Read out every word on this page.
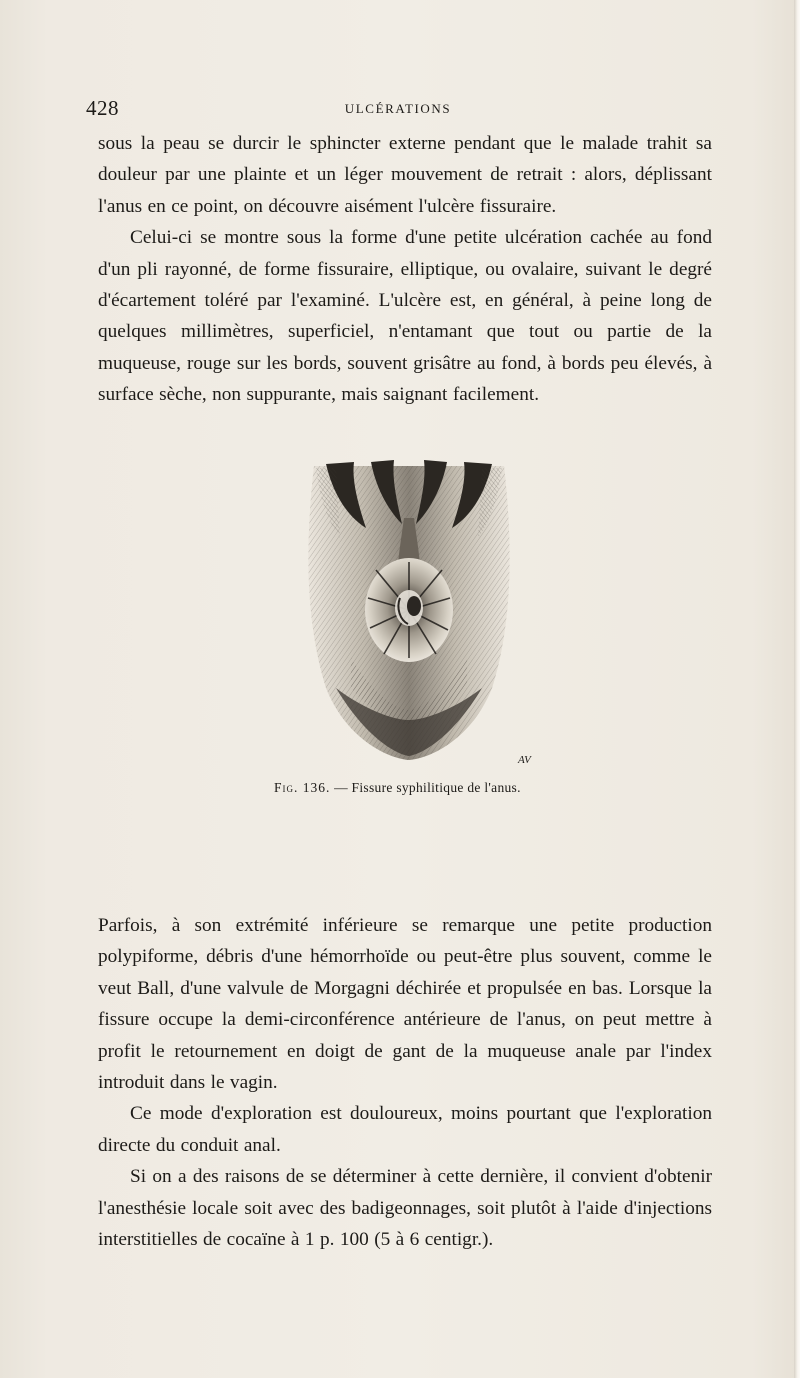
428	ULCÉRATIONS

sous la peau se durcir le sphincter externe pendant que le malade trahit sa douleur par une plainte et un léger mouvement de retrait : alors, déplissant l'anus en ce point, on découvre aisément l'ulcère fissuraire.

Celui-ci se montre sous la forme d'une petite ulcération cachée au fond d'un pli rayonné, de forme fissuraire, elliptique, ou ovalaire, suivant le degré d'écartement toléré par l'examiné. L'ulcère est, en général, à peine long de quelques millimètres, superficiel, n'entamant que tout ou partie de la muqueuse, rouge sur les bords, souvent grisâtre au fond, à bords peu élevés, à surface sèche, non suppurante, mais saignant facilement.

AV
Fig. 136. — Fissure syphilitique de l'anus.

Parfois, à son extrémité inférieure se remarque une petite production polypiforme, débris d'une hémorrhoïde ou peut-être plus souvent, comme le veut Ball, d'une valvule de Morgagni déchirée et propulsée en bas. Lorsque la fissure occupe la demi-circonférence antérieure de l'anus, on peut mettre à profit le retournement en doigt de gant de la muqueuse anale par l'index introduit dans le vagin.

Ce mode d'exploration est douloureux, moins pourtant que l'exploration directe du conduit anal.

Si on a des raisons de se déterminer à cette dernière, il convient d'obtenir l'anesthésie locale soit avec des badigeonnages, soit plutôt à l'aide d'injections interstitielles de cocaïne à 1 p. 100 (5 à 6 centigr.).
